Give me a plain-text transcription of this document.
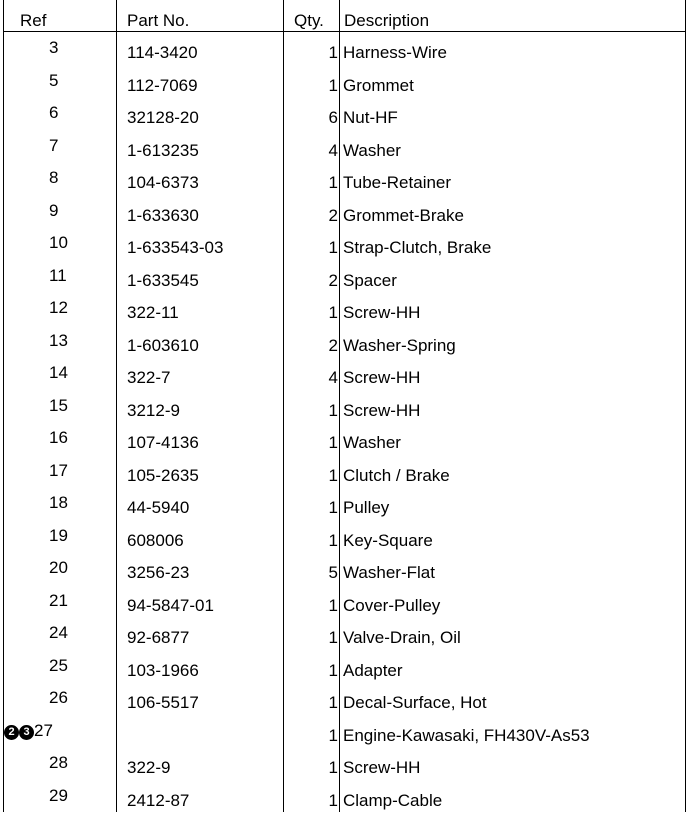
Ref	Part No.	Qty.	Description
3	114-3420	1	Harness-Wire
5	112-7069	1	Grommet
6	32128-20	6	Nut-HF
7	1-613235	4	Washer
8	104-6373	1	Tube-Retainer
9	1-633630	2	Grommet-Brake
10	1-633543-03	1	Strap-Clutch, Brake
11	1-633545	2	Spacer
12	322-11	1	Screw-HH
13	1-603610	2	Washer-Spring
14	322-7	4	Screw-HH
15	3212-9	1	Screw-HH
16	107-4136	1	Washer
17	105-2635	1	Clutch / Brake
18	44-5940	1	Pulley
19	608006	1	Key-Square
20	3256-23	5	Washer-Flat
21	94-5847-01	1	Cover-Pulley
24	92-6877	1	Valve-Drain, Oil
25	103-1966	1	Adapter
26	106-5517	1	Decal-Surface, Hot
2 3 27		1	Engine-Kawasaki, FH430V-As53
28	322-9	1	Screw-HH
29	2412-87	1	Clamp-Cable
